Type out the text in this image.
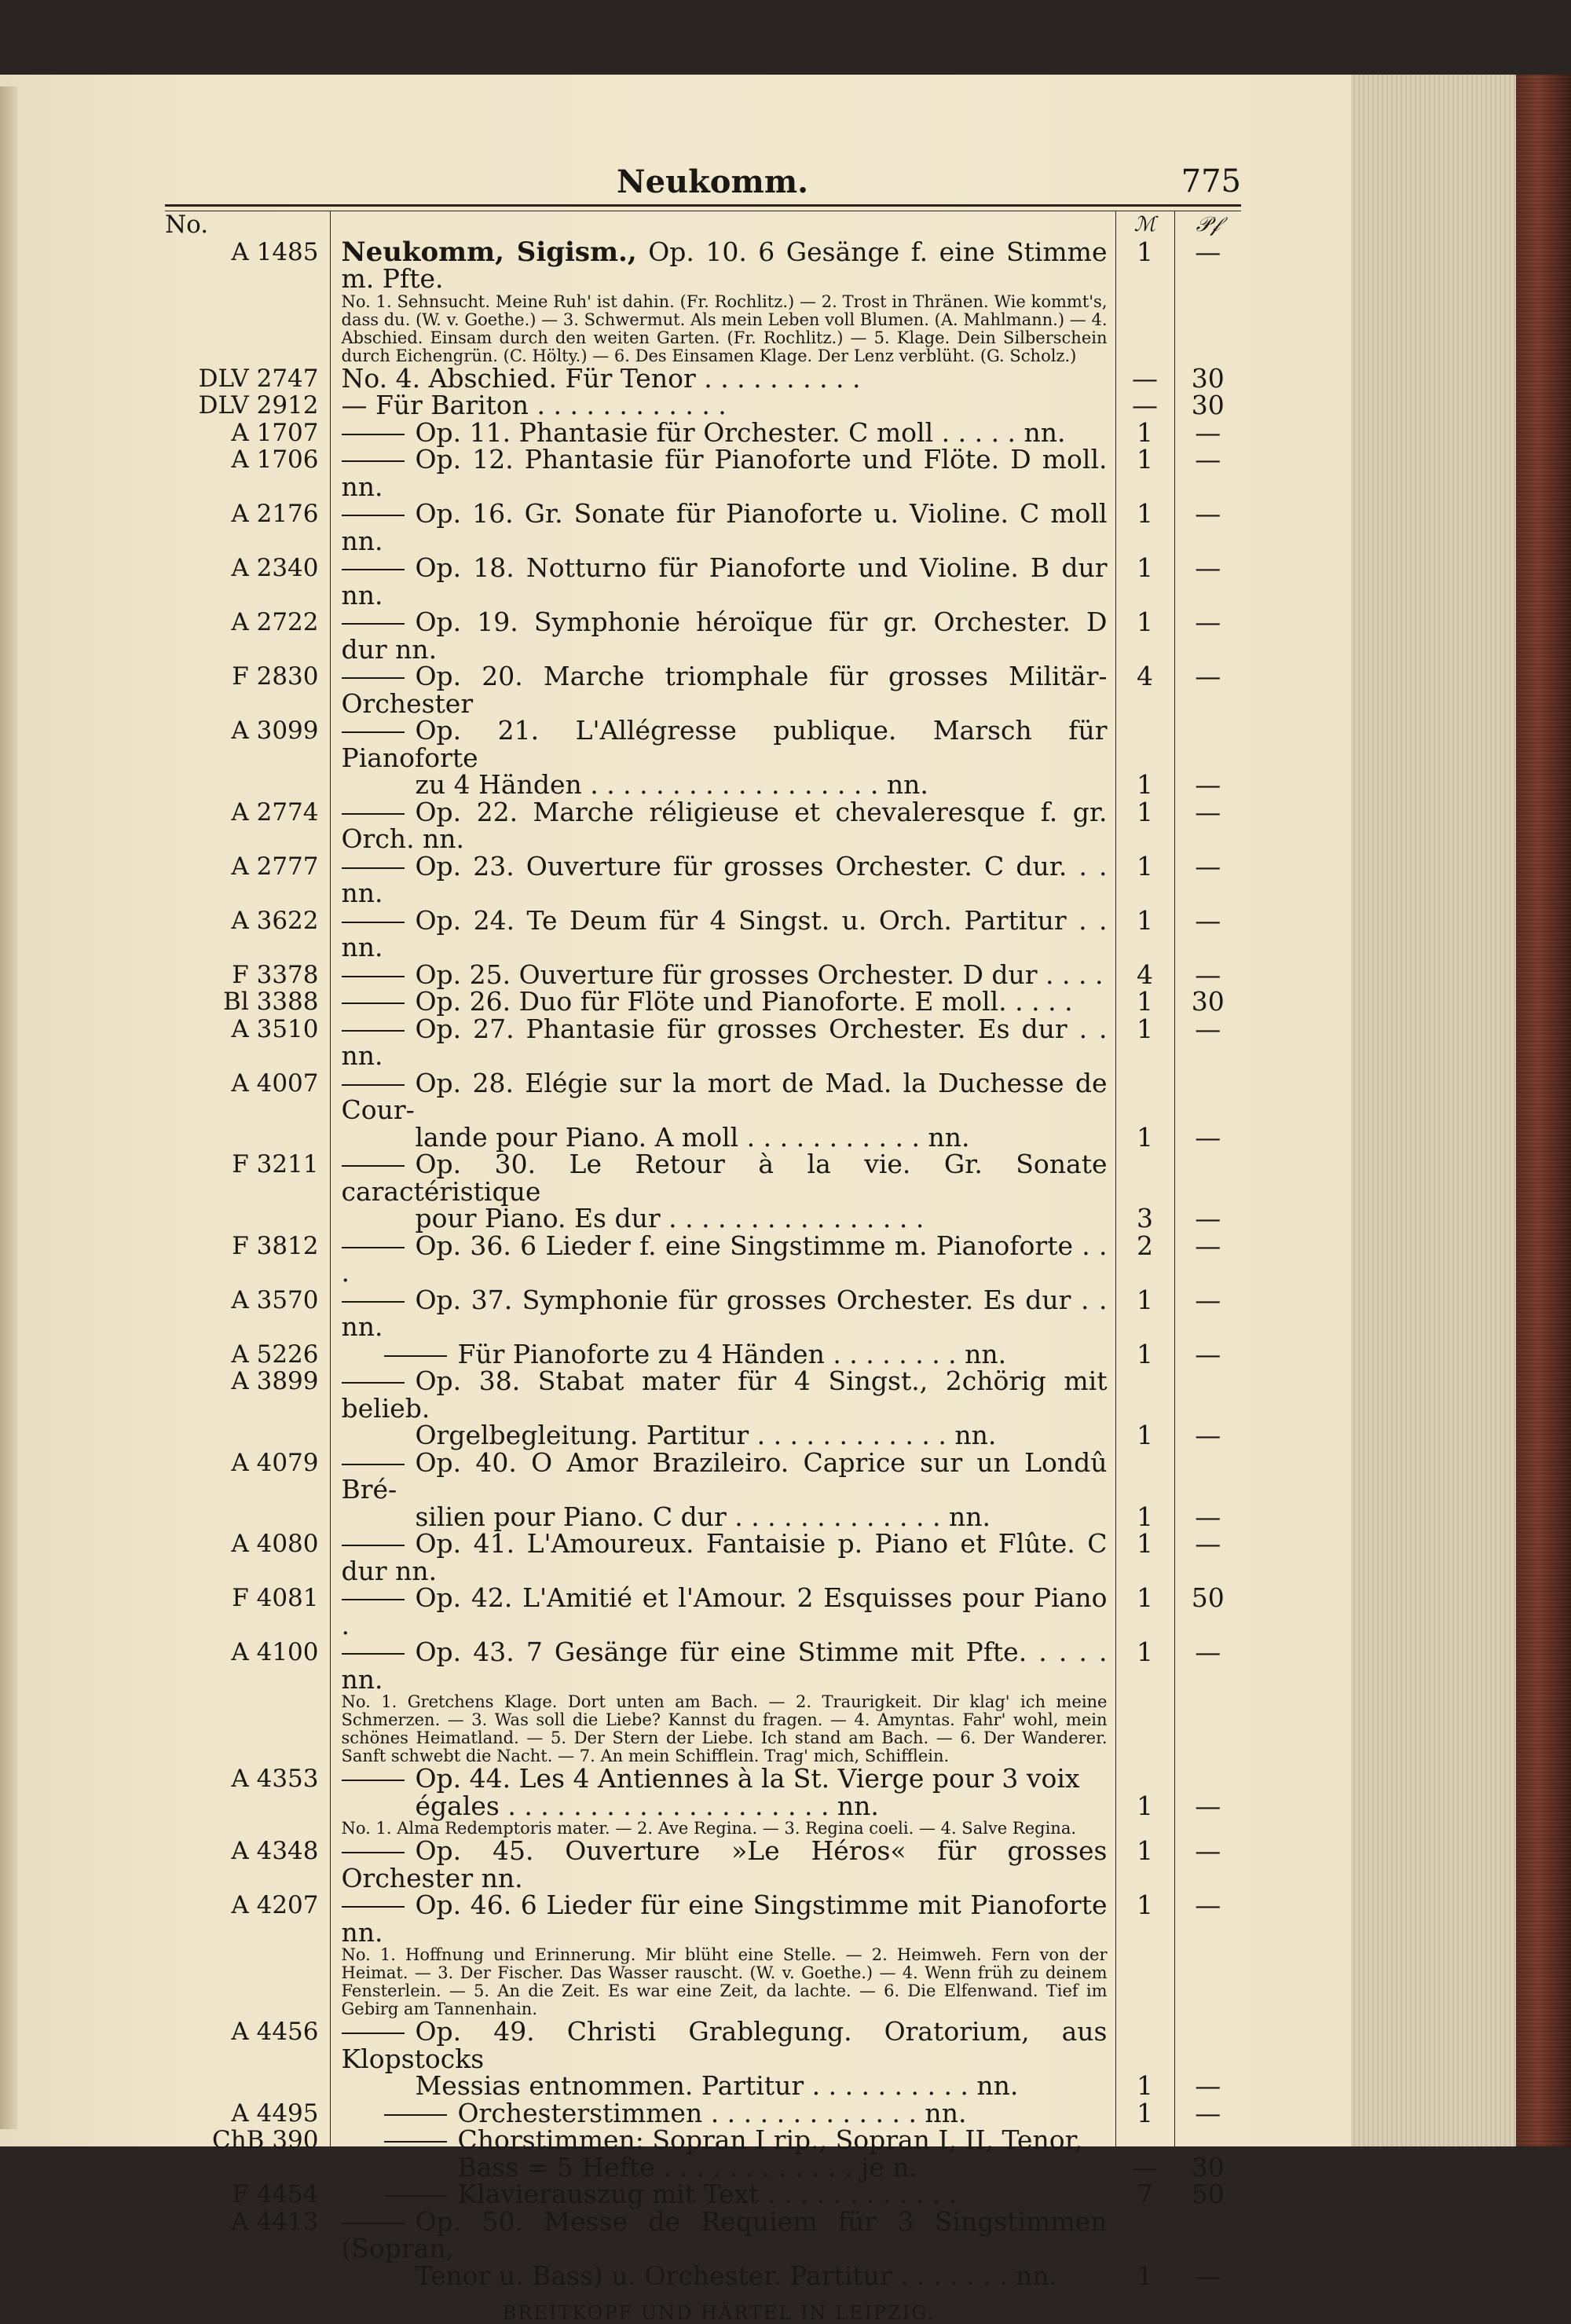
Neukomm.	775
No.		ℳ	𝒫𝒻
A 1485	Neukomm, Sigism., Op. 10. 6 Gesänge f. eine Stimme m. Pfte.	1	—
	No. 1. Sehnsucht. Meine Ruh' ist dahin. (Fr. Rochlitz.) — 2. Trost in Thränen. Wie kommt's, dass du. (W. v. Goethe.) — 3. Schwermut. Als mein Leben voll Blumen. (A. Mahlmann.) — 4. Abschied. Einsam durch den weiten Garten. (Fr. Rochlitz.) — 5. Klage. Dein Silberschein durch Eichengrün. (C. Hölty.) — 6. Des Einsamen Klage. Der Lenz verblüht. (G. Scholz.)		
DLV 2747	No. 4. Abschied. Für Tenor . . . . . . . . . .	—	30
DLV 2912	— Für Bariton . . . . . . . . . . . .	—	30
A 1707	Op. 11. Phantasie für Orchester. C moll . . . . . nn.	1	—
A 1706	Op. 12. Phantasie für Pianoforte und Flöte. D moll. nn.	1	—
A 2176	Op. 16. Gr. Sonate für Pianoforte u. Violine. C moll nn.	1	—
A 2340	Op. 18. Notturno für Pianoforte und Violine. B dur nn.	1	—
A 2722	Op. 19. Symphonie héroïque für gr. Orchester. D dur nn.	1	—
F 2830	Op. 20. Marche triomphale für grosses Militär-Orchester	4	—
A 3099	Op. 21. L'Allégresse publique. Marsch für Pianoforte
zu 4 Händen . . . . . . . . . . . . . . . . . . nn.	1	—
A 2774	Op. 22. Marche réligieuse et chevaleresque f. gr. Orch. nn.	1	—
A 2777	Op. 23. Ouverture für grosses Orchester. C dur. . . nn.	1	—
A 3622	Op. 24. Te Deum für 4 Singst. u. Orch. Partitur . . nn.	1	—
F 3378	Op. 25. Ouverture für grosses Orchester. D dur . . . .	4	—
Bl 3388	Op. 26. Duo für Flöte und Pianoforte. E moll. . . . .	1	30
A 3510	Op. 27. Phantasie für grosses Orchester. Es dur . . nn.	1	—
A 4007	Op. 28. Elégie sur la mort de Mad. la Duchesse de Cour-
lande pour Piano. A moll . . . . . . . . . . . nn.	1	—
F 3211	Op. 30. Le Retour à la vie. Gr. Sonate caractéristique
pour Piano. Es dur . . . . . . . . . . . . . . . .	3	—
F 3812	Op. 36. 6 Lieder f. eine Singstimme m. Pianoforte . . .	2	—
A 3570	Op. 37. Symphonie für grosses Orchester. Es dur . . nn.	1	—
A 5226	Für Pianoforte zu 4 Händen . . . . . . . . nn.	1	—
A 3899	Op. 38. Stabat mater für 4 Singst., 2chörig mit belieb.
Orgelbegleitung. Partitur . . . . . . . . . . . . nn.	1	—
A 4079	Op. 40. O Amor Brazileiro. Caprice sur un Londû Bré-
silien pour Piano. C dur . . . . . . . . . . . . . nn.	1	—
A 4080	Op. 41. L'Amoureux. Fantaisie p. Piano et Flûte. C dur nn.	1	—
F 4081	Op. 42. L'Amitié et l'Amour. 2 Esquisses pour Piano .	1	50
A 4100	Op. 43. 7 Gesänge für eine Stimme mit Pfte. . . . . nn.	1	—
	No. 1. Gretchens Klage. Dort unten am Bach. — 2. Traurigkeit. Dir klag' ich meine Schmerzen. — 3. Was soll die Liebe? Kannst du fragen. — 4. Amyntas. Fahr' wohl, mein schönes Heimatland. — 5. Der Stern der Liebe. Ich stand am Bach. — 6. Der Wanderer. Sanft schwebt die Nacht. — 7. An mein Schifflein. Trag' mich, Schifflein.		
A 4353	Op. 44. Les 4 Antiennes à la St. Vierge pour 3 voix
égales . . . . . . . . . . . . . . . . . . . . nn.	1	—
	No. 1. Alma Redemptoris mater. — 2. Ave Regina. — 3. Regina coeli. — 4. Salve Regina.		
A 4348	Op. 45. Ouverture »Le Héros« für grosses Orchester nn.	1	—
A 4207	Op. 46. 6 Lieder für eine Singstimme mit Pianoforte nn.	1	—
	No. 1. Hoffnung und Erinnerung. Mir blüht eine Stelle. — 2. Heimweh. Fern von der Heimat. — 3. Der Fischer. Das Wasser rauscht. (W. v. Goethe.) — 4. Wenn früh zu deinem Fensterlein. — 5. An die Zeit. Es war eine Zeit, da lachte. — 6. Die Elfenwand. Tief im Gebirg am Tannenhain.		
A 4456	Op. 49. Christi Grablegung. Oratorium, aus Klopstocks
Messias entnommen. Partitur . . . . . . . . . . nn.	1	—
A 4495	Orchesterstimmen . . . . . . . . . . . . . nn.	1	—
ChB 390	Chorstimmen: Sopran I rip., Sopran I, II, Tenor,
Bass = 5 Hefte . . . . . . . . . . . . je n.	—	30
F 4454	Klavierauszug mit Text . . . . . . . . . . . .	7	50
A 4413	Op. 50. Messe de Requiem für 3 Singstimmen (Sopran,
Tenor u. Bass) u. Orchester. Partitur . . . . . . . nn.	1	—
BREITKOPF UND HÄRTEL IN LEIPZIG.
